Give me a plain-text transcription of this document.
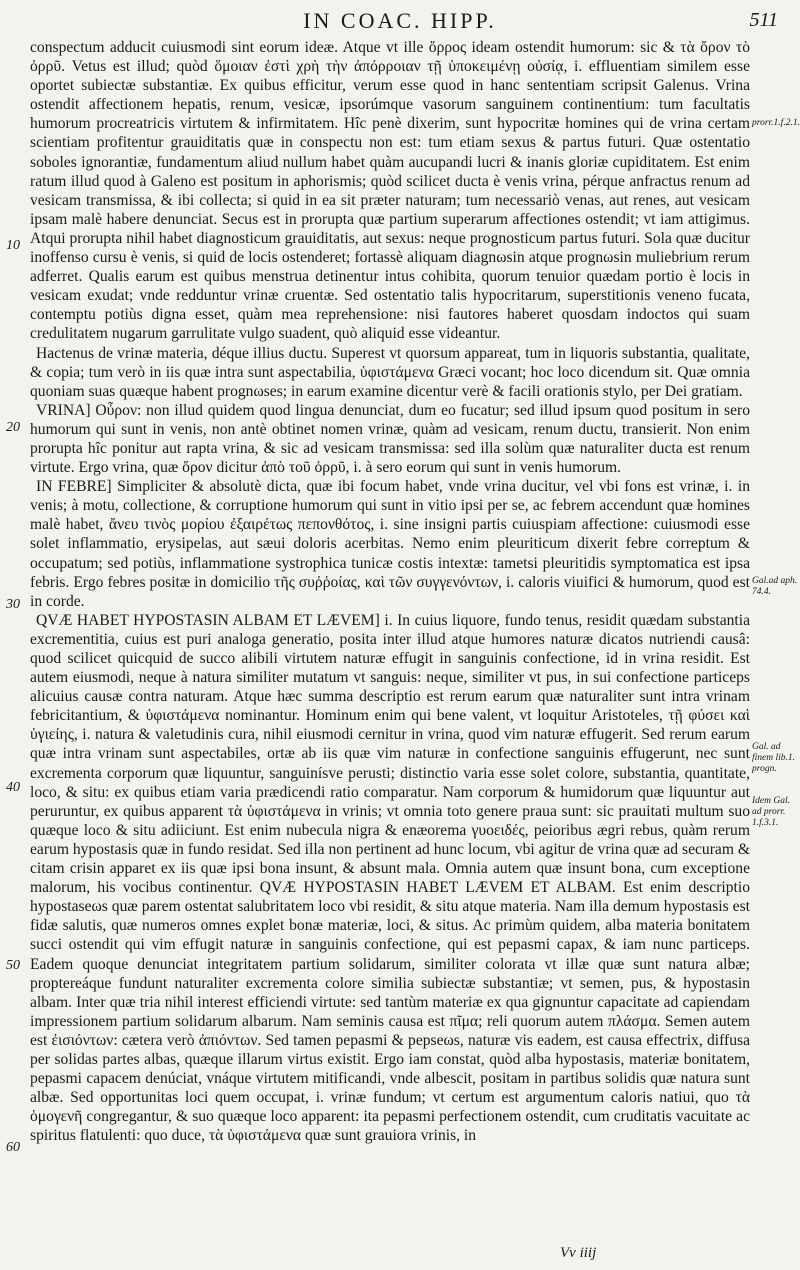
IN COAC. HIPP.	511
10
20
30
40
50
60
prorr.1.f.2.1.
Gal.ad aph. 74.4.
Gal. ad finem lib.1. progn.
Idem Gal. ad prorr. 1.f.3.1.

conspectum adducit cuiusmodi sint eorum ideæ. Atque vt ille ὄρρος ideam ostendit humorum: sic & τὰ ὄρον τὸ ὀρρῦ. Vetus est illud; quòd ὅμοιαν ἐστὶ χρὴ τὴν ἀπόρροιαν τῇ ὑποκειμένῃ οὐσίᾳ, i. effluentiam similem esse oportet subiectæ substantiæ. Ex quibus efficitur, verum esse quod in hanc sententiam scripsit Galenus. Vrina ostendit affectionem hepatis, renum, vesicæ, ipsorúmque vasorum sanguinem continentium: tum facultatis humorum procreatricis virtutem & infirmitatem. Hîc penè dixerim, sunt hypocritæ homines qui de vrina certam scientiam profitentur grauiditatis quæ in conspectu non est: tum etiam sexus & partus futuri. Quæ ostentatio soboles ignorantiæ, fundamentum aliud nullum habet quàm aucupandi lucri & inanis gloriæ cupiditatem. Est enim ratum illud quod à Galeno est positum in aphorismis; quòd scilicet ducta è venis vrina, pérque anfractus renum ad vesicam transmissa, & ibi collecta; si quid in ea sit præter naturam; tum necessariò venas, aut renes, aut vesicam ipsam malè habere denunciat. Secus est in prorupta quæ partium superarum affectiones ostendit; vt iam attigimus. Atqui prorupta nihil habet diagnosticum grauiditatis, aut sexus: neque prognosticum partus futuri. Sola quæ ducitur inoffenso cursu è venis, si quid de locis ostenderet; fortassè aliquam diagnωsin atque prognωsin muliebrium rerum adferret. Qualis earum est quibus menstrua detinentur intus cohibita, quorum tenuior quædam portio è locis in vesicam exudat; vnde redduntur vrinæ cruentæ. Sed ostentatio talis hypocritarum, superstitionis veneno fucata, contemptu potiùs digna esset, quàm mea reprehensione: nisi fautores haberet quosdam indoctos qui suam credulitatem nugarum garrulitate vulgo suadent, quò aliquid esse videantur.

Hactenus de vrinæ materia, déque illius ductu. Superest vt quorsum appareat, tum in liquoris substantia, qualitate, & copia; tum verò in iis quæ intra sunt aspectabilia, ὑφιστάμενα Græci vocant; hoc loco dicendum sit. Quæ omnia quoniam suas quæque habent prognωses; in earum examine dicentur verè & facili orationis stylo, per Dei gratiam.

VRINA] Οὖρον: non illud quidem quod lingua denunciat, dum eo fucatur; sed illud ipsum quod positum in sero humorum qui sunt in venis, non antè obtinet nomen vrinæ, quàm ad vesicam, renum ductu, transierit. Non enim prorupta hîc ponitur aut rapta vrina, & sic ad vesicam transmissa: sed illa solùm quæ naturaliter ducta est renum virtute. Ergo vrina, quæ ὄρον dicitur ἀπὸ τοῦ ὀρρῦ, i. à sero eorum qui sunt in venis humorum.

IN FEBRE] Simpliciter & absolutè dicta, quæ ibi focum habet, vnde vrina ducitur, vel vbi fons est vrinæ, i. in venis; à motu, collectione, & corruptione humorum qui sunt in vitio ipsi per se, ac febrem accendunt quæ homines malè habet, ἄνευ τινὸς μορίου ἐξαιρέτως πεπονθότος, i. sine insigni partis cuiuspiam affectione: cuiusmodi esse solet inflammatio, erysipelas, aut sæui doloris acerbitas. Nemo enim pleuriticum dixerit febre correptum & occupatum; sed potiùs, inflammatione systrophica tunicæ costis intextæ: tametsi pleuritidis symptomatica est ipsa febris. Ergo febres positæ in domicilio τῆς συῤῥοίας, καὶ τῶν συγγενόντων, i. caloris viuifici & humorum, quod est in corde.

QVÆ HABET HYPOSTASIN ALBAM ET LÆVEM] i. In cuius liquore, fundo tenus, residit quædam substantia excrementitia, cuius est puri analoga generatio, posita inter illud atque humores naturæ dicatos nutriendi causâ: quod scilicet quicquid de succo alibili virtutem naturæ effugit in sanguinis confectione, id in vrina residit. Est autem eiusmodi, neque à natura similiter mutatum vt sanguis: neque, similiter vt pus, in sui confectione particeps alicuius causæ contra naturam. Atque hæc summa descriptio est rerum earum quæ naturaliter sunt intra vrinam febricitantium, & ὑφιστάμενα nominantur. Hominum enim qui bene valent, vt loquitur Aristoteles, τῇ φύσει καὶ ὑγιείης, i. natura & valetudinis cura, nihil eiusmodi cernitur in vrina, quod vim naturæ effugerit. Sed rerum earum quæ intra vrinam sunt aspectabiles, ortæ ab iis quæ vim naturæ in confectione sanguinis effugerunt, nec sunt excrementa corporum quæ liquuntur, sanguinísve perusti; distinctio varia esse solet colore, substantia, quantitate, loco, & situ: ex quibus etiam varia prædicendi ratio comparatur. Nam corporum & humidorum quæ liquuntur aut peruruntur, ex quibus apparent τὰ ὑφιστάμενα in vrinis; vt omnia toto genere praua sunt: sic prauitati multum suo quæque loco & situ adiiciunt. Est enim nubecula nigra & enæorema γυοειδές, peioribus ægri rebus, quàm rerum earum hypostasis quæ in fundo residat. Sed illa non pertinent ad hunc locum, vbi agitur de vrina quæ ad securam & citam crisin apparet ex iis quæ ipsi bona insunt, & absunt mala. Omnia autem quæ insunt bona, cum exceptione malorum, his vocibus continentur. QVÆ HYPOSTASIN HABET LÆVEM ET ALBAM. Est enim descriptio hypostaseωs quæ parem ostentat salubritatem loco vbi residit, & situ atque materia. Nam illa demum hypostasis est fidæ salutis, quæ numeros omnes explet bonæ materiæ, loci, & situs. Ac primùm quidem, alba materia bonitatem succi ostendit qui vim effugit naturæ in sanguinis confectione, qui est pepasmi capax, & iam nunc particeps. Eadem quoque denunciat integritatem partium solidarum, similiter colorata vt illæ quæ sunt natura albæ; proptereáque fundunt naturaliter excrementa colore similia subiectæ substantiæ; vt semen, pus, & hypostasin albam. Inter quæ tria nihil interest efficiendi virtute: sed tantùm materiæ ex qua gignuntur capacitate ad capiendam impressionem partium solidarum albarum. Nam seminis causa est πῖμα; reli quorum autem πλάσμα. Semen autem est ἐισιόντων: cætera verò ἀπιόντων. Sed tamen pepasmi & pepseωs, naturæ vis eadem, est causa effectrix, diffusa per solidas partes albas, quæque illarum virtus existit. Ergo iam constat, quòd alba hypostasis, materiæ bonitatem, pepasmi capacem denúciat, vnáque virtutem mitificandi, vnde albescit, positam in partibus solidis quæ natura sunt albæ. Sed opportunitas loci quem occupat, i. vrinæ fundum; vt certum est argumentum caloris natiui, quo τὰ ὁμογενῆ congregantur, & suo quæque loco apparent: ita pepasmi perfectionem ostendit, cum cruditatis vacuitate ac spiritus flatulenti: quo duce, τὰ ὑφιστάμενα quæ sunt grauiora vrinis, in

Vv iiij
